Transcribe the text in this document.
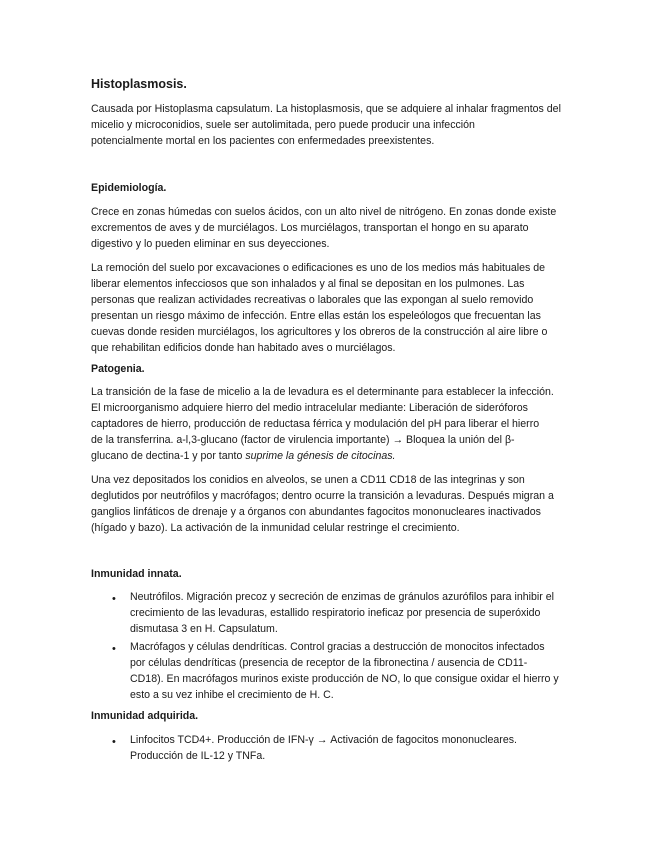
Histoplasmosis.

Causada por Histoplasma capsulatum. La histoplasmosis, que se adquiere al inhalar fragmentos del
micelio y microconidios, suele ser autolimitada, pero puede producir una infección
potencialmente mortal en los pacientes con enfermedades preexistentes.

Epidemiología.

Crece en zonas húmedas con suelos ácidos, con un alto nivel de nitrógeno. En zonas donde existe
excrementos de aves y de murciélagos. Los murciélagos, transportan el hongo en su aparato
digestivo y lo pueden eliminar en sus deyecciones.

La remoción del suelo por excavaciones o edificaciones es uno de los medios más habituales de
liberar elementos infecciosos que son inhalados y al final se depositan en los pulmones. Las
personas que realizan actividades recreativas o laborales que las expongan al suelo removido
presentan un riesgo máximo de infección. Entre ellas están los espeleólogos que frecuentan las
cuevas donde residen murciélagos, los agricultores y los obreros de la construcción al aire libre o
que rehabilitan edificios donde han habitado aves o murciélagos.

Patogenia.

La transición de la fase de micelio a la de levadura es el determinante para establecer la infección.
El microorganismo adquiere hierro del medio intracelular mediante: Liberación de sideróforos
captadores de hierro, producción de reductasa férrica y modulación del pH para liberar el hierro
de la transferrina. a-l,3-glucano (factor de virulencia importante) → Bloquea la unión del β-
glucano de dectina-1 y por tanto suprime la génesis de citocinas.

Una vez depositados los conidios en alveolos, se unen a CD11 CD18 de las integrinas y son
deglutidos por neutrófilos y macrófagos; dentro ocurre la transición a levaduras. Después migran a
ganglios linfáticos de drenaje y a órganos con abundantes fagocitos mononucleares inactivados
(hígado y bazo). La activación de la inmunidad celular restringe el crecimiento.

Inmunidad innata.
• Neutrófilos. Migración precoz y secreción de enzimas de gránulos azurófilos para inhibir el
crecimiento de las levaduras, estallido respiratorio ineficaz por presencia de superóxido
dismutasa 3 en H. Capsulatum.
• Macrófagos y células dendríticas. Control gracias a destrucción de monocitos infectados
por células dendríticas (presencia de receptor de la fibronectina / ausencia de CD11-
CD18). En macrófagos murinos existe producción de NO, lo que consigue oxidar el hierro y
esto a su vez inhibe el crecimiento de H. C.
Inmunidad adquirida.
• Linfocitos TCD4+. Producción de IFN-γ → Activación de fagocitos mononucleares.
Producción de IL-12 y TNFa.
